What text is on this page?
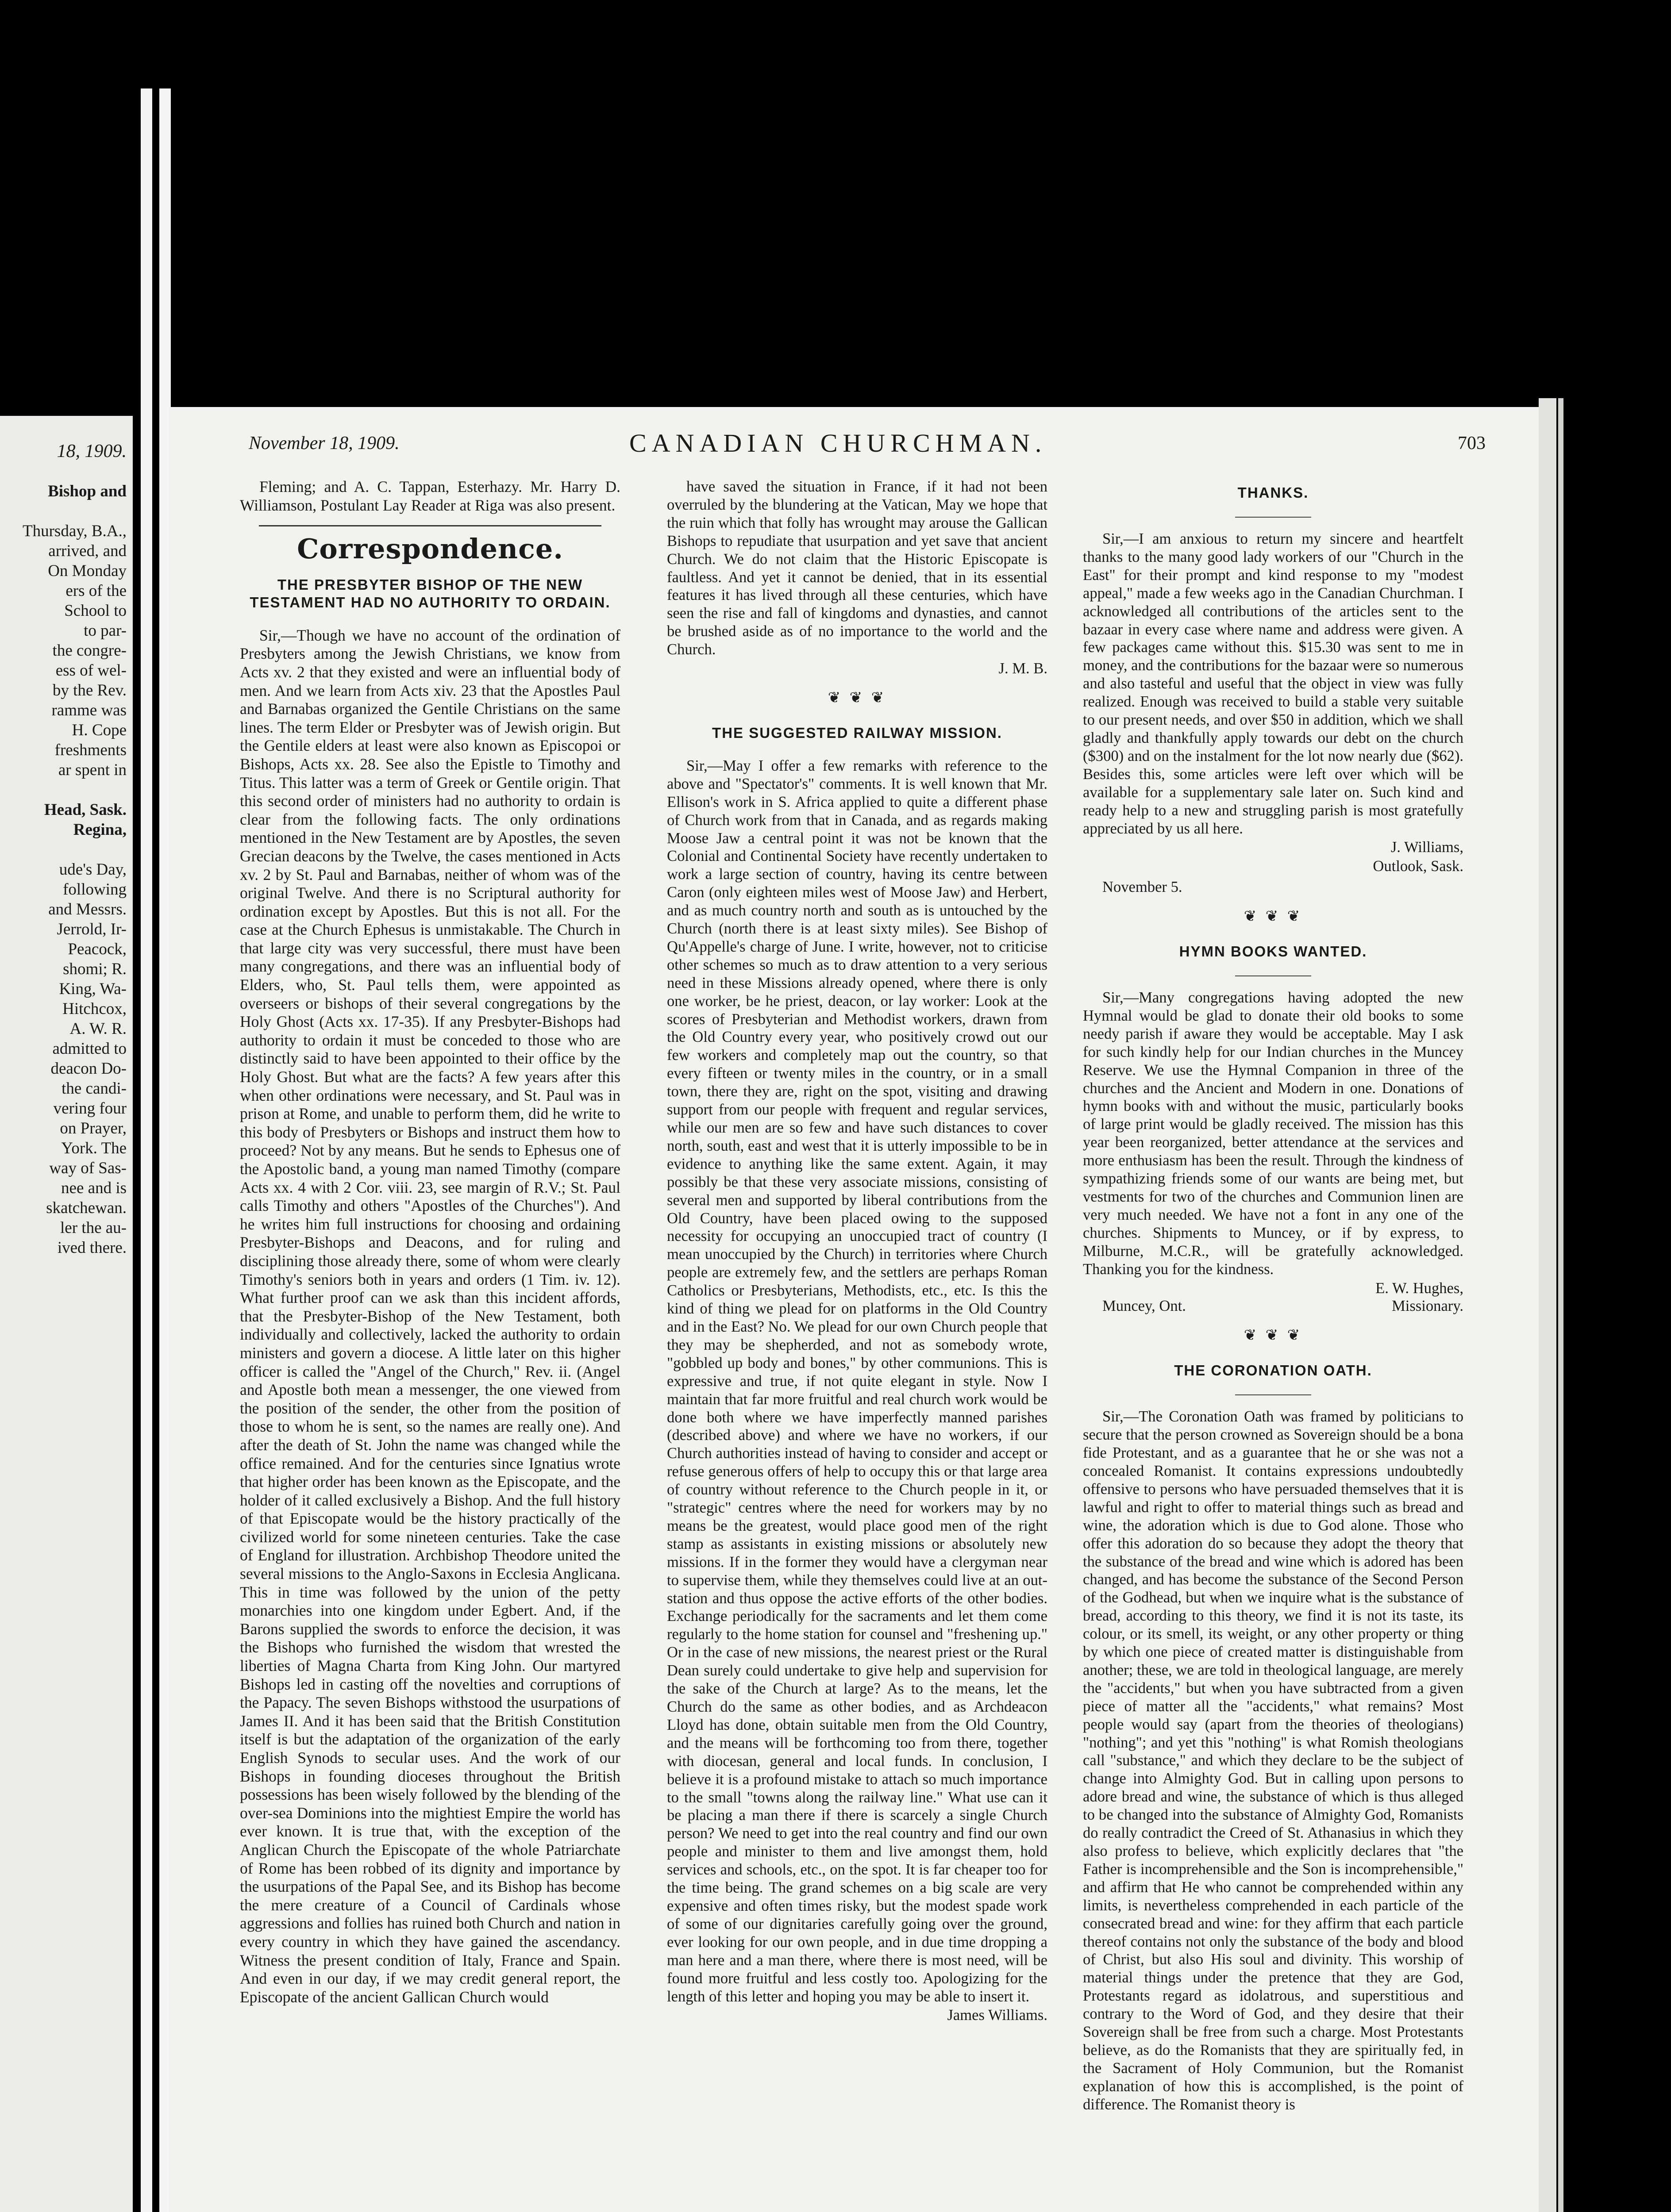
18, 1909.
Bishop and

Thursday, B.A.,
arrived, and
On Monday
ers of the
School to
to par-
the congre-
ess of wel-
by the Rev.
ramme was
H. Cope
freshments
ar spent in

Head, Sask.
Regina,

ude's Day,
following
and Messrs.
Jerrold, Ir-
Peacock,
shomi; R.
King, Wa-
Hitchcox,
A. W. R.
admitted to
deacon Do-
the candi-
vering four
on Prayer,
York. The
way of Sas-
nee and is
skatchewan.
ler the au-
ived there.
November 18, 1909.	CANADIAN CHURCHMAN.	703

Fleming; and A. C. Tappan, Esterhazy. Mr. Harry D. Williamson, Postulant Lay Reader at Riga was also present.

Correspondence.
THE PRESBYTER BISHOP OF THE NEW TESTAMENT HAD NO AUTHORITY TO ORDAIN.

Sir,—Though we have no account of the ordination of Presbyters among the Jewish Christians, we know from Acts xv. 2 that they existed and were an influential body of men. And we learn from Acts xiv. 23 that the Apostles Paul and Barnabas organized the Gentile Christians on the same lines. The term Elder or Presbyter was of Jewish origin. But the Gentile elders at least were also known as Episcopoi or Bishops, Acts xx. 28. See also the Epistle to Timothy and Titus. This latter was a term of Greek or Gentile origin. That this second order of ministers had no authority to ordain is clear from the following facts. The only ordinations mentioned in the New Testament are by Apostles, the seven Grecian deacons by the Twelve, the cases mentioned in Acts xv. 2 by St. Paul and Barnabas, neither of whom was of the original Twelve. And there is no Scriptural authority for ordination except by Apostles. But this is not all. For the case at the Church Ephesus is unmistakable. The Church in that large city was very successful, there must have been many congregations, and there was an influential body of Elders, who, St. Paul tells them, were appointed as overseers or bishops of their several congregations by the Holy Ghost (Acts xx. 17-35). If any Presbyter-Bishops had authority to ordain it must be conceded to those who are distinctly said to have been appointed to their office by the Holy Ghost. But what are the facts? A few years after this when other ordinations were necessary, and St. Paul was in prison at Rome, and unable to perform them, did he write to this body of Presbyters or Bishops and instruct them how to proceed? Not by any means. But he sends to Ephesus one of the Apostolic band, a young man named Timothy (compare Acts xx. 4 with 2 Cor. viii. 23, see margin of R.V.; St. Paul calls Timothy and others "Apostles of the Churches"). And he writes him full instructions for choosing and ordaining Presbyter-Bishops and Deacons, and for ruling and disciplining those already there, some of whom were clearly Timothy's seniors both in years and orders (1 Tim. iv. 12). What further proof can we ask than this incident affords, that the Presbyter-Bishop of the New Testament, both individually and collectively, lacked the authority to ordain ministers and govern a diocese. A little later on this higher officer is called the "Angel of the Church," Rev. ii. (Angel and Apostle both mean a messenger, the one viewed from the position of the sender, the other from the position of those to whom he is sent, so the names are really one). And after the death of St. John the name was changed while the office remained. And for the centuries since Ignatius wrote that higher order has been known as the Episcopate, and the holder of it called exclusively a Bishop. And the full history of that Episcopate would be the history practically of the civilized world for some nineteen centuries. Take the case of England for illustration. Archbishop Theodore united the several missions to the Anglo-Saxons in Ecclesia Anglicana. This in time was followed by the union of the petty monarchies into one kingdom under Egbert. And, if the Barons supplied the swords to enforce the decision, it was the Bishops who furnished the wisdom that wrested the liberties of Magna Charta from King John. Our martyred Bishops led in casting off the novelties and corruptions of the Papacy. The seven Bishops withstood the usurpations of James II. And it has been said that the British Constitution itself is but the adaptation of the organization of the early English Synods to secular uses. And the work of our Bishops in founding dioceses throughout the British possessions has been wisely followed by the blending of the over-sea Dominions into the mightiest Empire the world has ever known. It is true that, with the exception of the Anglican Church the Episcopate of the whole Patriarchate of Rome has been robbed of its dignity and importance by the usurpations of the Papal See, and its Bishop has become the mere creature of a Council of Cardinals whose aggressions and follies has ruined both Church and nation in every country in which they have gained the ascendancy. Witness the present condition of Italy, France and Spain. And even in our day, if we may credit general report, the Episcopate of the ancient Gallican Church would

have saved the situation in France, if it had not been overruled by the blundering at the Vatican, May we hope that the ruin which that folly has wrought may arouse the Gallican Bishops to repudiate that usurpation and yet save that ancient Church. We do not claim that the Historic Episcopate is faultless. And yet it cannot be denied, that in its essential features it has lived through all these centuries, which have seen the rise and fall of kingdoms and dynasties, and cannot be brushed aside as of no importance to the world and the Church.

J. M. B.
❦ ❦ ❦
THE SUGGESTED RAILWAY MISSION.

Sir,—May I offer a few remarks with reference to the above and "Spectator's" comments. It is well known that Mr. Ellison's work in S. Africa applied to quite a different phase of Church work from that in Canada, and as regards making Moose Jaw a central point it was not be known that the Colonial and Continental Society have recently undertaken to work a large section of country, having its centre between Caron (only eighteen miles west of Moose Jaw) and Herbert, and as much country north and south as is untouched by the Church (north there is at least sixty miles). See Bishop of Qu'Appelle's charge of June. I write, however, not to criticise other schemes so much as to draw attention to a very serious need in these Missions already opened, where there is only one worker, be he priest, deacon, or lay worker: Look at the scores of Presbyterian and Methodist workers, drawn from the Old Country every year, who positively crowd out our few workers and completely map out the country, so that every fifteen or twenty miles in the country, or in a small town, there they are, right on the spot, visiting and drawing support from our people with frequent and regular services, while our men are so few and have such distances to cover north, south, east and west that it is utterly impossible to be in evidence to anything like the same extent. Again, it may possibly be that these very associate missions, consisting of several men and supported by liberal contributions from the Old Country, have been placed owing to the supposed necessity for occupying an unoccupied tract of country (I mean unoccupied by the Church) in territories where Church people are extremely few, and the settlers are perhaps Roman Catholics or Presbyterians, Methodists, etc., etc. Is this the kind of thing we plead for on platforms in the Old Country and in the East? No. We plead for our own Church people that they may be shepherded, and not as somebody wrote, "gobbled up body and bones," by other communions. This is expressive and true, if not quite elegant in style. Now I maintain that far more fruitful and real church work would be done both where we have imperfectly manned parishes (described above) and where we have no workers, if our Church authorities instead of having to consider and accept or refuse generous offers of help to occupy this or that large area of country without reference to the Church people in it, or "strategic" centres where the need for workers may by no means be the greatest, would place good men of the right stamp as assistants in existing missions or absolutely new missions. If in the former they would have a clergyman near to supervise them, while they themselves could live at an out-station and thus oppose the active efforts of the other bodies. Exchange periodically for the sacraments and let them come regularly to the home station for counsel and "freshening up." Or in the case of new missions, the nearest priest or the Rural Dean surely could undertake to give help and supervision for the sake of the Church at large? As to the means, let the Church do the same as other bodies, and as Archdeacon Lloyd has done, obtain suitable men from the Old Country, and the means will be forthcoming too from there, together with diocesan, general and local funds. In conclusion, I believe it is a profound mistake to attach so much importance to the small "towns along the railway line." What use can it be placing a man there if there is scarcely a single Church person? We need to get into the real country and find our own people and minister to them and live amongst them, hold services and schools, etc., on the spot. It is far cheaper too for the time being. The grand schemes on a big scale are very expensive and often times risky, but the modest spade work of some of our dignitaries carefully going over the ground, ever looking for our own people, and in due time dropping a man here and a man there, where there is most need, will be found more fruitful and less costly too. Apologizing for the length of this letter and hoping you may be able to insert it.

James Williams.
THANKS.

Sir,—I am anxious to return my sincere and heartfelt thanks to the many good lady workers of our "Church in the East" for their prompt and kind response to my "modest appeal," made a few weeks ago in the Canadian Churchman. I acknowledged all contributions of the articles sent to the bazaar in every case where name and address were given. A few packages came without this. $15.30 was sent to me in money, and the contributions for the bazaar were so numerous and also tasteful and useful that the object in view was fully realized. Enough was received to build a stable very suitable to our present needs, and over $50 in addition, which we shall gladly and thankfully apply towards our debt on the church ($300) and on the instalment for the lot now nearly due ($62). Besides this, some articles were left over which will be available for a supplementary sale later on. Such kind and ready help to a new and struggling parish is most gratefully appreciated by us all here.

J. Williams,
Outlook, Sask.
November 5.
❦ ❦ ❦
HYMN BOOKS WANTED.

Sir,—Many congregations having adopted the new Hymnal would be glad to donate their old books to some needy parish if aware they would be acceptable. May I ask for such kindly help for our Indian churches in the Muncey Reserve. We use the Hymnal Companion in three of the churches and the Ancient and Modern in one. Donations of hymn books with and without the music, particularly books of large print would be gladly received. The mission has this year been reorganized, better attendance at the services and more enthusiasm has been the result. Through the kindness of sympathizing friends some of our wants are being met, but vestments for two of the churches and Communion linen are very much needed. We have not a font in any one of the churches. Shipments to Muncey, or if by express, to Milburne, M.C.R., will be gratefully acknowledged. Thanking you for the kindness.

E. W. Hughes,
Muncey, Ont.	Missionary.
❦ ❦ ❦
THE CORONATION OATH.

Sir,—The Coronation Oath was framed by politicians to secure that the person crowned as Sovereign should be a bona fide Protestant, and as a guarantee that he or she was not a concealed Romanist. It contains expressions undoubtedly offensive to persons who have persuaded themselves that it is lawful and right to offer to material things such as bread and wine, the adoration which is due to God alone. Those who offer this adoration do so because they adopt the theory that the substance of the bread and wine which is adored has been changed, and has become the substance of the Second Person of the Godhead, but when we inquire what is the substance of bread, according to this theory, we find it is not its taste, its colour, or its smell, its weight, or any other property or thing by which one piece of created matter is distinguishable from another; these, we are told in theological language, are merely the "accidents," but when you have subtracted from a given piece of matter all the "accidents," what remains? Most people would say (apart from the theories of theologians) "nothing"; and yet this "nothing" is what Romish theologians call "substance," and which they declare to be the subject of change into Almighty God. But in calling upon persons to adore bread and wine, the substance of which is thus alleged to be changed into the substance of Almighty God, Romanists do really contradict the Creed of St. Athanasius in which they also profess to believe, which explicitly declares that "the Father is incomprehensible and the Son is incomprehensible," and affirm that He who cannot be comprehended within any limits, is nevertheless comprehended in each particle of the consecrated bread and wine: for they affirm that each particle thereof contains not only the substance of the body and blood of Christ, but also His soul and divinity. This worship of material things under the pretence that they are God, Protestants regard as idolatrous, and superstitious and contrary to the Word of God, and they desire that their Sovereign shall be free from such a charge. Most Protestants believe, as do the Romanists that they are spiritually fed, in the Sacrament of Holy Communion, but the Romanist explanation of how this is accomplished, is the point of difference. The Romanist theory is
